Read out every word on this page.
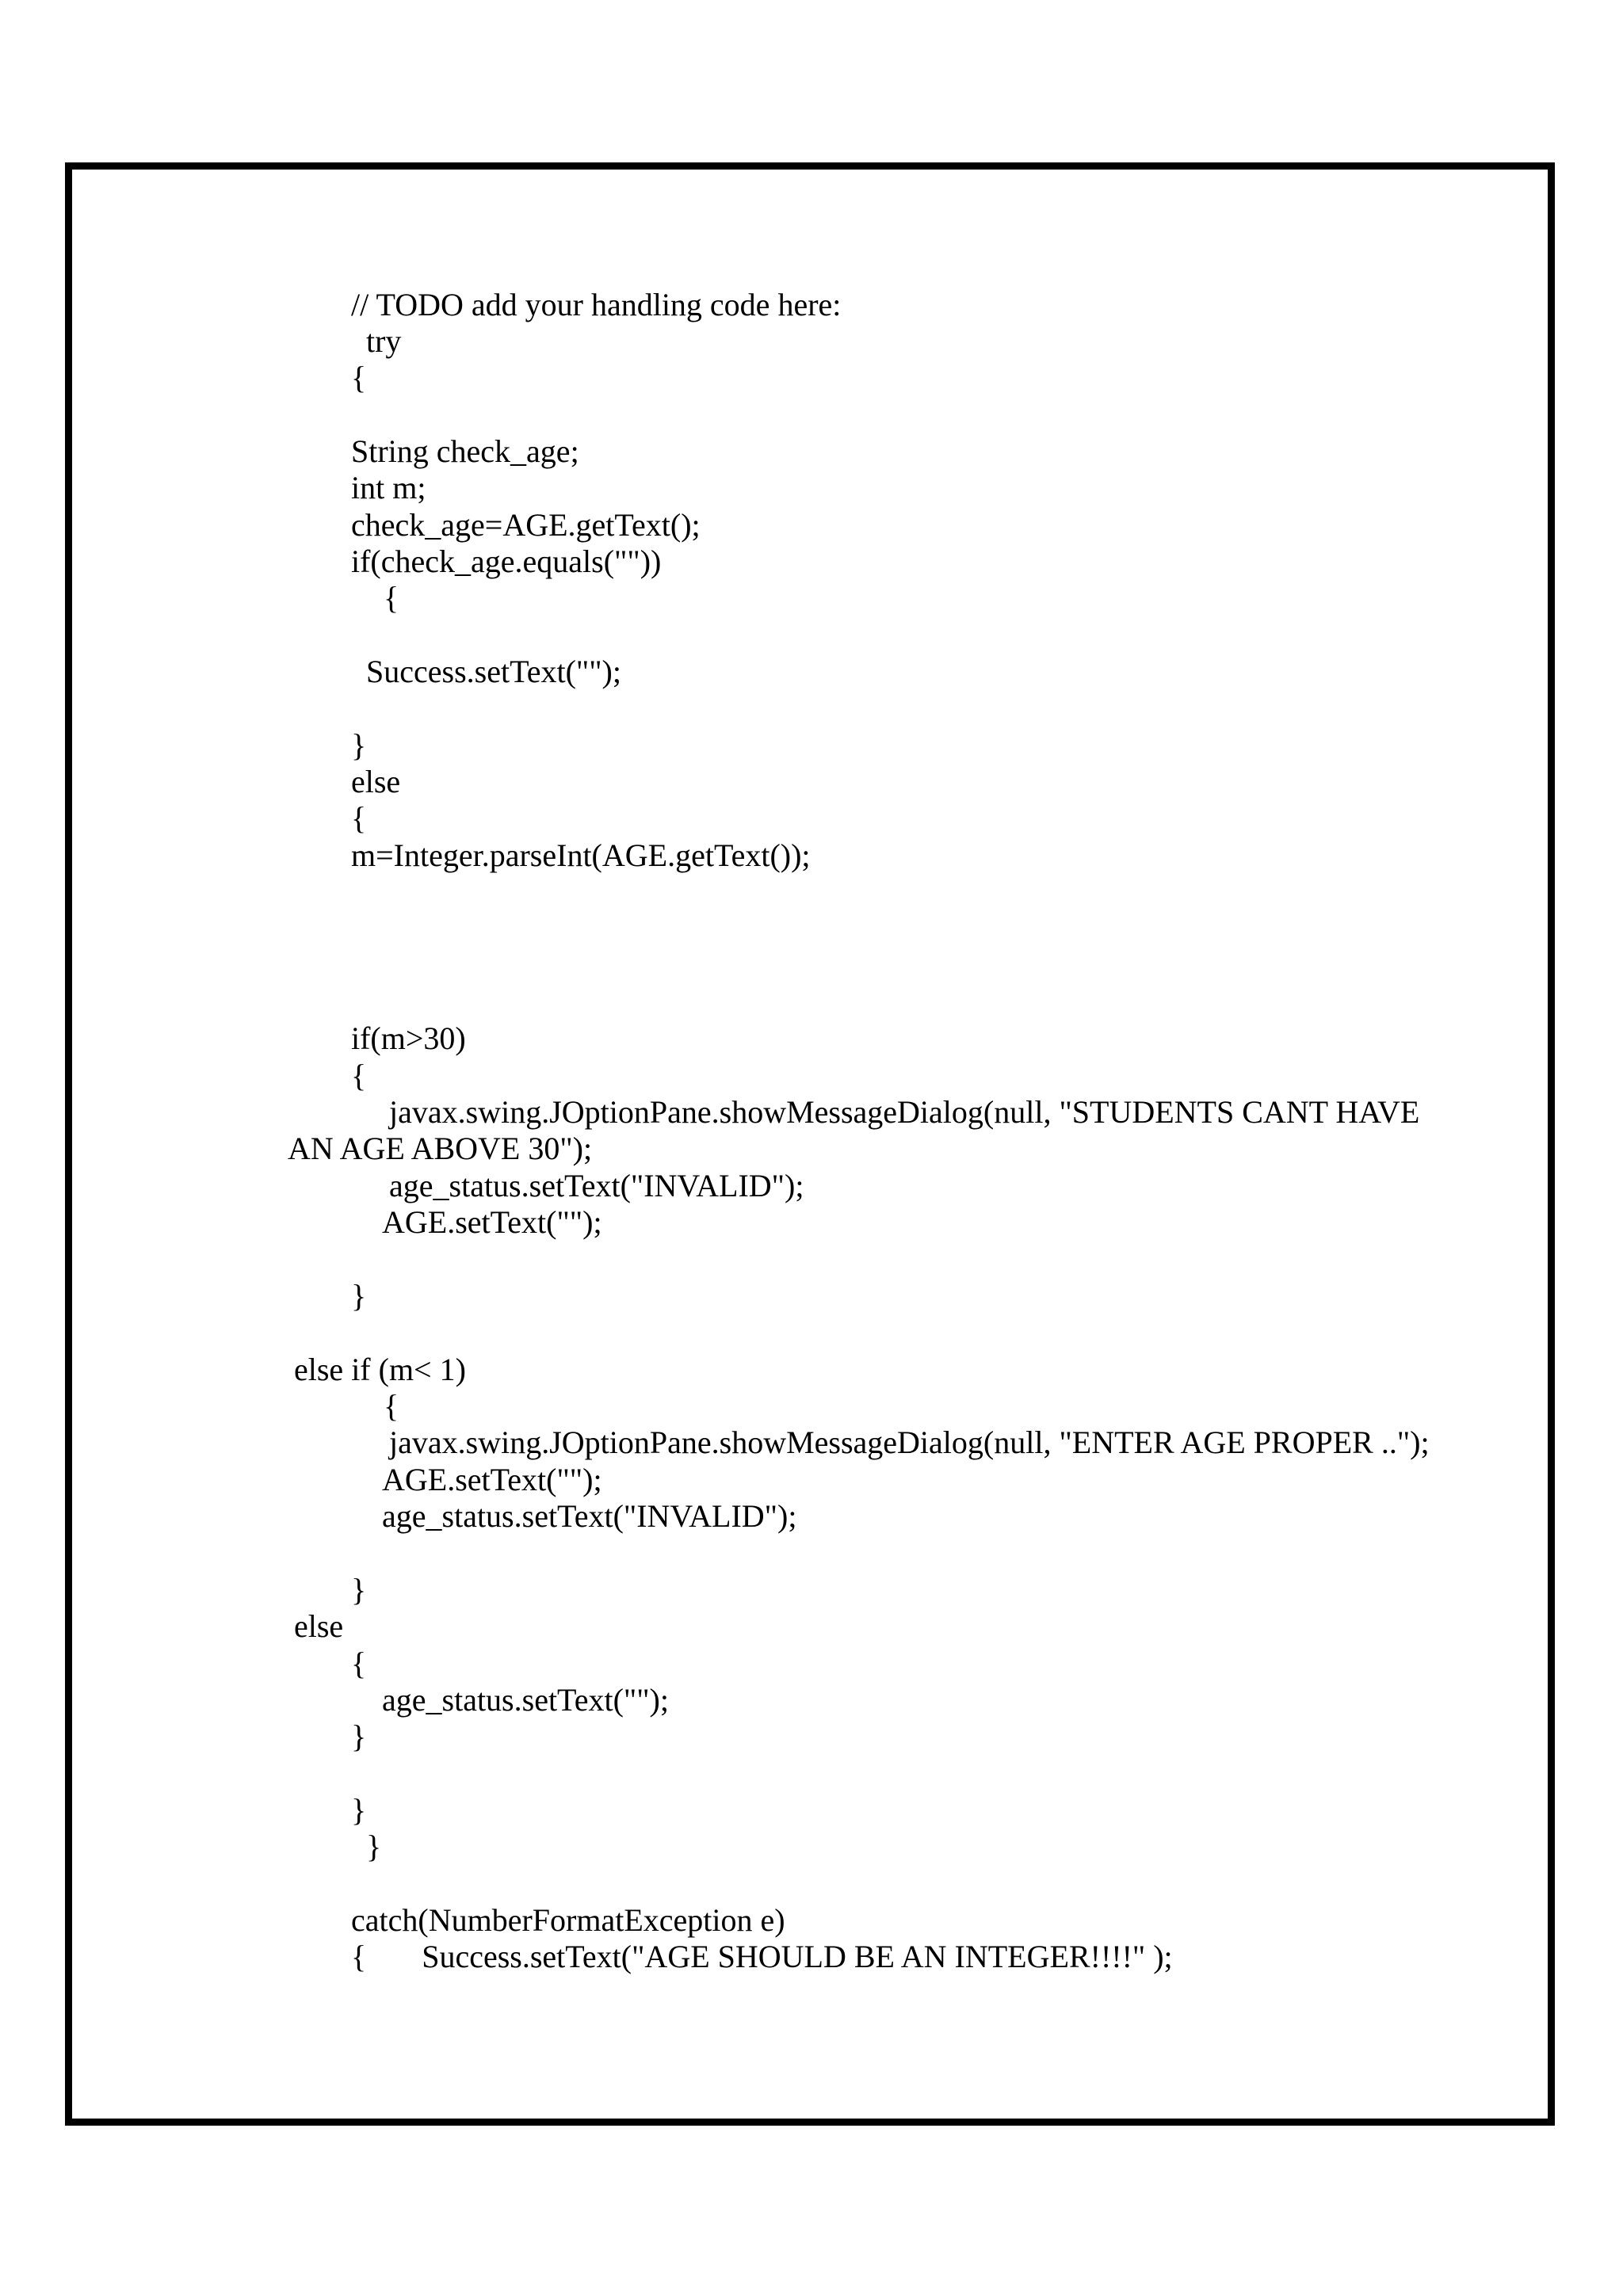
// TODO add your handling code here:

try

{

String check_age;

int m;

check_age=AGE.getText();

if(check_age.equals(""))

{

Success.setText("");

}

else

{

m=Integer.parseInt(AGE.getText());

if(m>30)

{

javax.swing.JOptionPane.showMessageDialog(null, "STUDENTS CANT HAVE

AN AGE ABOVE 30");

age_status.setText("INVALID");

AGE.setText("");

}

else if (m< 1)

{

javax.swing.JOptionPane.showMessageDialog(null, "ENTER AGE PROPER ..");

AGE.setText("");

age_status.setText("INVALID");

}

else

{

age_status.setText("");

}

}

}

catch(NumberFormatException e)

{       Success.setText("AGE SHOULD BE AN INTEGER!!!!" );
